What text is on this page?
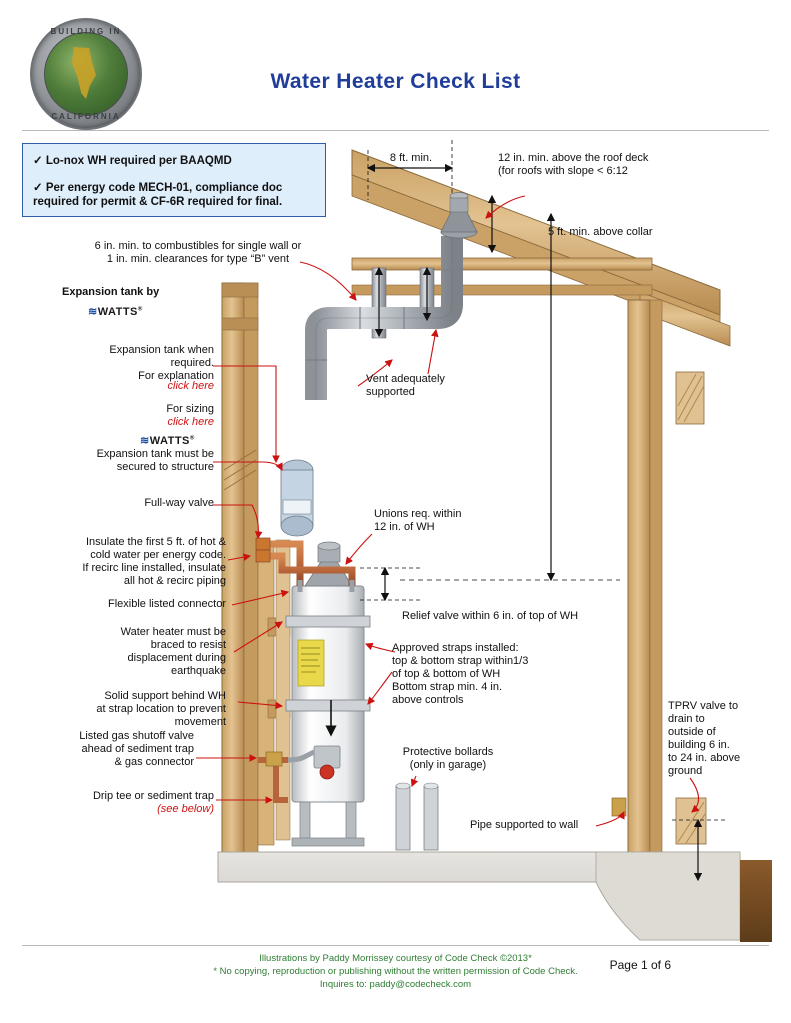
BUILDING IN
CALIFORNIA
Water Heater Check List
✓ Lo-nox WH required per BAAQMD
✓ Per energy code MECH-01, compliance doc
required for permit & CF-6R required for final.
8 ft. min.	12 in. min. above the roof deck
(for roofs with slope < 6:12
5 ft. min. above collar
6 in. min. to combustibles for single wall or
1 in. min. clearances for type “B” vent
Expansion tank by
≋WATTS®
Expansion tank when
required.
For explanation
click here
For sizing
click here
≋WATTS®
Expansion tank must be
secured to structure
Full-way valve
Insulate the first 5 ft. of hot &
cold water per energy code.
If recirc line installed, insulate
all hot & recirc piping
Flexible listed connector
Water heater must be
braced to resist
displacement during
earthquake
Solid support behind WH
at strap location to prevent
movement
Listed gas shutoff valve
ahead of sediment trap
& gas connector
Drip tee or sediment trap
(see below)
Unions req. within
12 in. of WH
Vent adequately
supported
Relief valve within 6 in. of top of WH
Approved straps installed:
top & bottom strap within1/3
of top & bottom of WH
Bottom strap min. 4 in.
above controls
Protective bollards
(only in garage)
Pipe supported to wall
TPRV valve to
drain to
outside of
building 6 in.
to 24 in. above
ground
Illustrations by Paddy Morrissey courtesy of Code Check ©2013*
* No copying, reproduction or publishing without the written permission of Code Check.
Inquires to: paddy@codecheck.com
Page 1 of 6
